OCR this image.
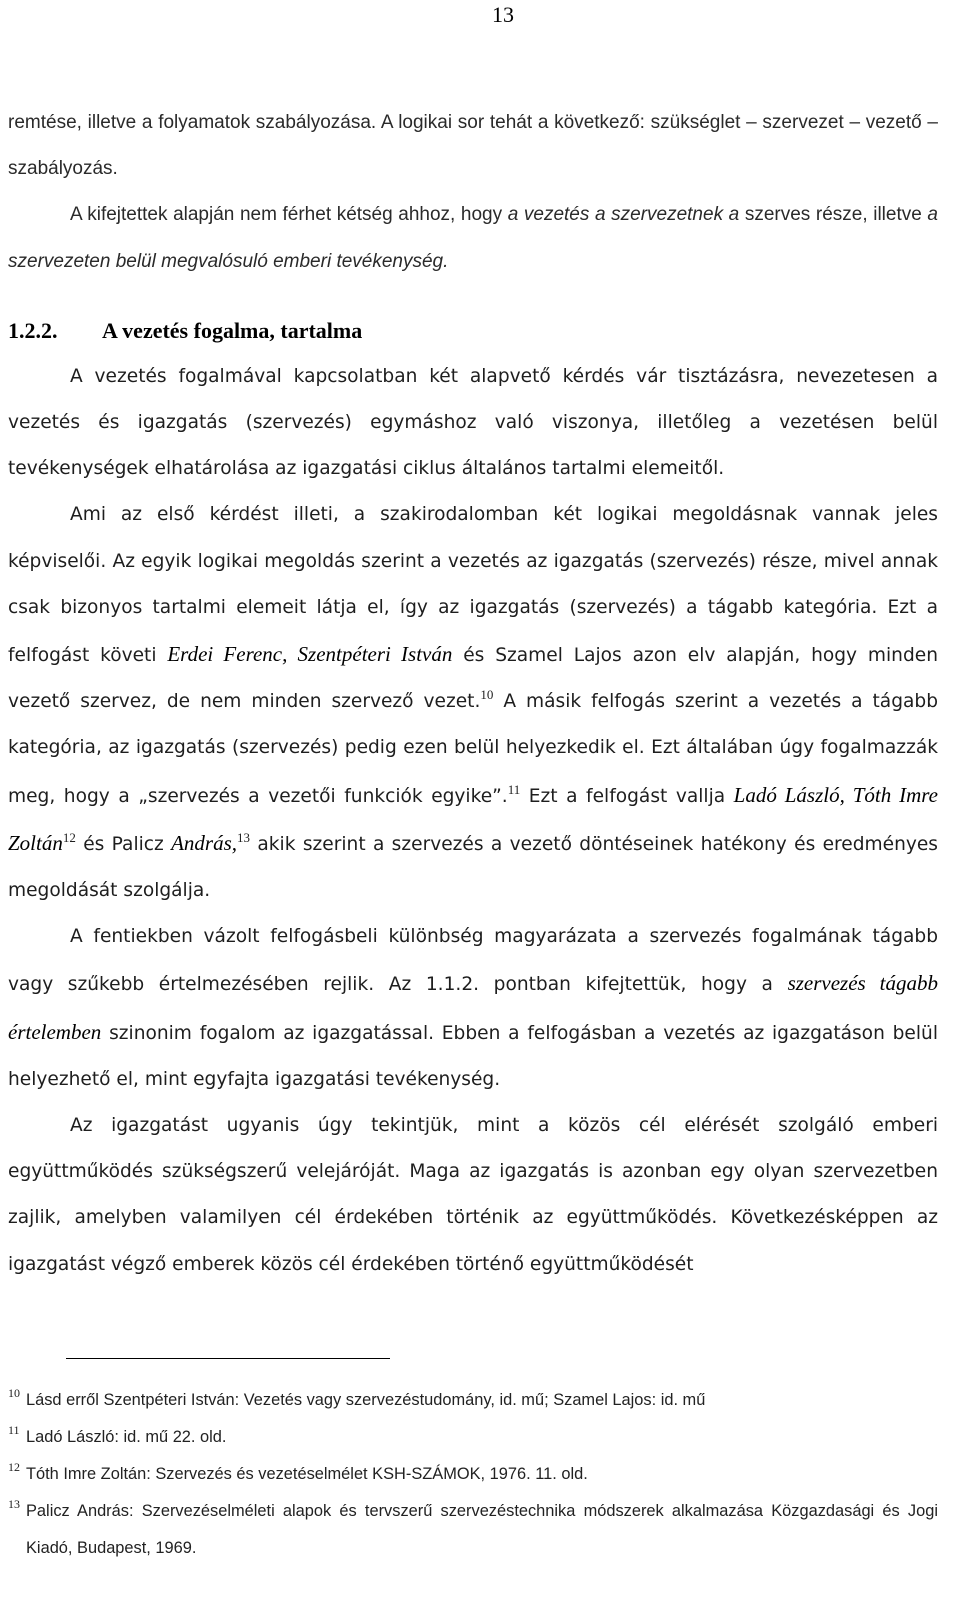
13

remtése, illetve a folyamatok szabályozása. A logikai sor tehát a következő: szükséglet – szervezet – vezető – szabályozás.

A kifejtettek alapján nem férhet kétség ahhoz, hogy a vezetés a szervezetnek a szerves része, illetve a szervezeten belül megvalósuló emberi tevékenység.

1.2.2. A vezetés fogalma, tartalma

A vezetés fogalmával kapcsolatban két alapvető kérdés vár tisztázásra, nevezetesen a vezetés és igazgatás (szervezés) egymáshoz való viszonya, illetőleg a vezetésen belül tevékenységek elhatárolása az igazgatási ciklus általános tartalmi elemeitől.

Ami az első kérdést illeti, a szakirodalomban két logikai megoldásnak vannak jeles képviselői. Az egyik logikai megoldás szerint a vezetés az igazgatás (szervezés) része, mivel annak csak bizonyos tartalmi elemeit látja el, így az igazgatás (szervezés) a tágabb kategória. Ezt a felfogást követi Erdei Ferenc, Szentpéteri István és Szamel Lajos azon elv alapján, hogy minden vezető szervez, de nem minden szervező vezet.$^{10}$ A másik felfogás szerint a vezetés a tágabb kategória, az igazgatás (szervezés) pedig ezen belül helyezkedik el. Ezt általában úgy fogalmazzák meg, hogy a „szervezés a vezetői funkciók egyike”.$^{11}$ Ezt a felfogást vallja Ladó László, Tóth Imre Zoltán$^{12}$ és Palicz András,$^{13}$ akik szerint a szervezés a vezető döntéseinek hatékony és eredményes megoldását szolgálja.

A fentiekben vázolt felfogásbeli különbség magyarázata a szervezés fogalmának tágabb vagy szűkebb értelmezésében rejlik. Az 1.1.2. pontban kifejtettük, hogy a szervezés tágabb értelemben szinonim fogalom az igazgatással. Ebben a felfogásban a vezetés az igazgatáson belül helyezhető el, mint egyfajta igazgatási tevékenység.

Az igazgatást ugyanis úgy tekintjük, mint a közös cél elérését szolgáló emberi együttműködés szükségszerű velejáróját. Maga az igazgatás is azonban egy olyan szervezetben zajlik, amelyben valamilyen cél érdekében történik az együttműködés. Következésképpen az igazgatást végző emberek közös cél érdekében történő együttműködését

10 Lásd erről Szentpéteri István: Vezetés vagy szervezéstudomány, id. mű; Szamel Lajos: id. mű
11 Ladó László: id. mű 22. old.
12 Tóth Imre Zoltán: Szervezés és vezetéselmélet KSH-SZÁMOK, 1976. 11. old.
13 Palicz András: Szervezéselméleti alapok és tervszerű szervezéstechnika módszerek alkalmazása Közgazdasági és Jogi Kiadó, Budapest, 1969.
